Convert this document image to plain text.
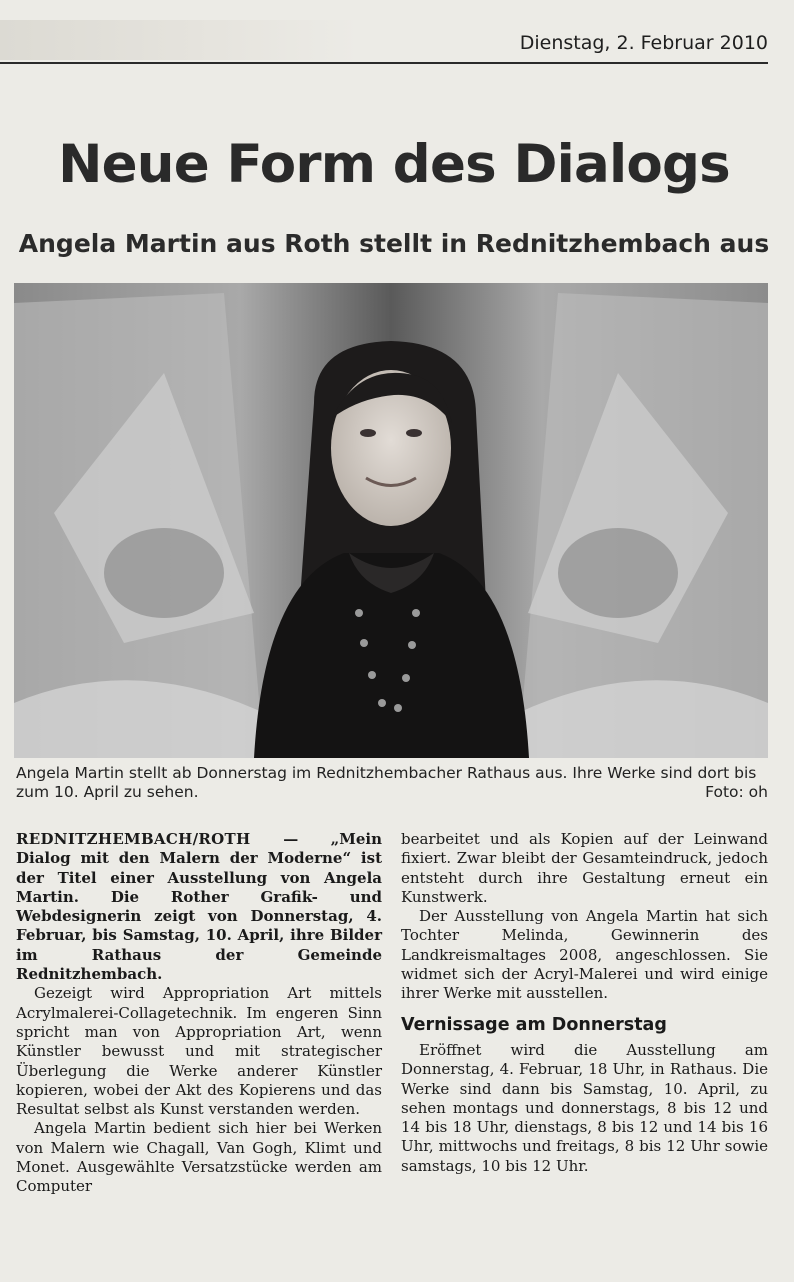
Dienstag, 2. Februar 2010
Neue Form des Dialogs
Angela Martin aus Roth stellt in Rednitzhembach aus
Angela Martin stellt ab Donnerstag im Rednitzhembacher Rathaus aus. Ihre Werke sind dort bis zum 10. April zu sehen.	Foto: oh

REDNITZHEMBACH/ROTH — „Mein Dialog mit den Malern der Moderne“ ist der Titel einer Ausstellung von Angela Martin. Die Rother Grafik- und Webdesignerin zeigt von Donnerstag, 4. Februar, bis Samstag, 10. April, ihre Bilder im Rathaus der Gemeinde Rednitzhembach.

Gezeigt wird Appropriation Art mittels Acrylmalerei-Collagetechnik. Im engeren Sinn spricht man von Appropriation Art, wenn Künstler bewusst und mit strategischer Überlegung die Werke anderer Künstler kopieren, wobei der Akt des Kopierens und das Resultat selbst als Kunst verstanden werden.

Angela Martin bedient sich hier bei Werken von Malern wie Chagall, Van Gogh, Klimt und Monet. Ausgewählte Versatzstücke werden am Computer

bearbeitet und als Kopien auf der Leinwand fixiert. Zwar bleibt der Gesamteindruck, jedoch entsteht durch ihre Gestaltung erneut ein Kunstwerk.

Der Ausstellung von Angela Martin hat sich Tochter Melinda, Gewinnerin des Landkreismaltages 2008, angeschlossen. Sie widmet sich der Acryl-Malerei und wird einige ihrer Werke mit ausstellen.

Vernissage am Donnerstag

Eröffnet wird die Ausstellung am Donnerstag, 4. Februar, 18 Uhr, in Rathaus. Die Werke sind dann bis Samstag, 10. April, zu sehen montags und donnerstags, 8 bis 12 und 14 bis 18 Uhr, dienstags, 8 bis 12 und 14 bis 16 Uhr, mittwochs und freitags, 8 bis 12 Uhr sowie samstags, 10 bis 12 Uhr.
